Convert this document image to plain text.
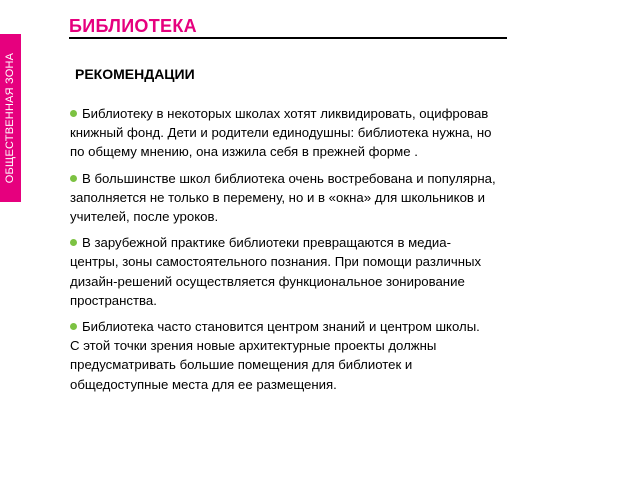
ОБЩЕСТВЕННАЯ ЗОНА
БИБЛИОТЕКА
РЕКОМЕНДАЦИИ

Библиотеку в некоторых школах хотят ликвидировать, оцифровав
книжный фонд. Дети и родители единодушны: библиотека нужна, но
по общему мнению, она изжила себя в прежней форме .

В большинстве школ библиотека очень востребована и популярна,
заполняется не только в перемену, но и в «окна» для школьников и
учителей, после уроков.

В зарубежной практике библиотеки превращаются в медиа-
центры, зоны самостоятельного познания. При помощи различных
дизайн-решений осуществляется функциональное зонирование
пространства.

Библиотека часто становится центром знаний и центром школы.
С этой точки зрения новые архитектурные проекты должны
предусматривать большие помещения для библиотек и
общедоступные места для ее размещения.
